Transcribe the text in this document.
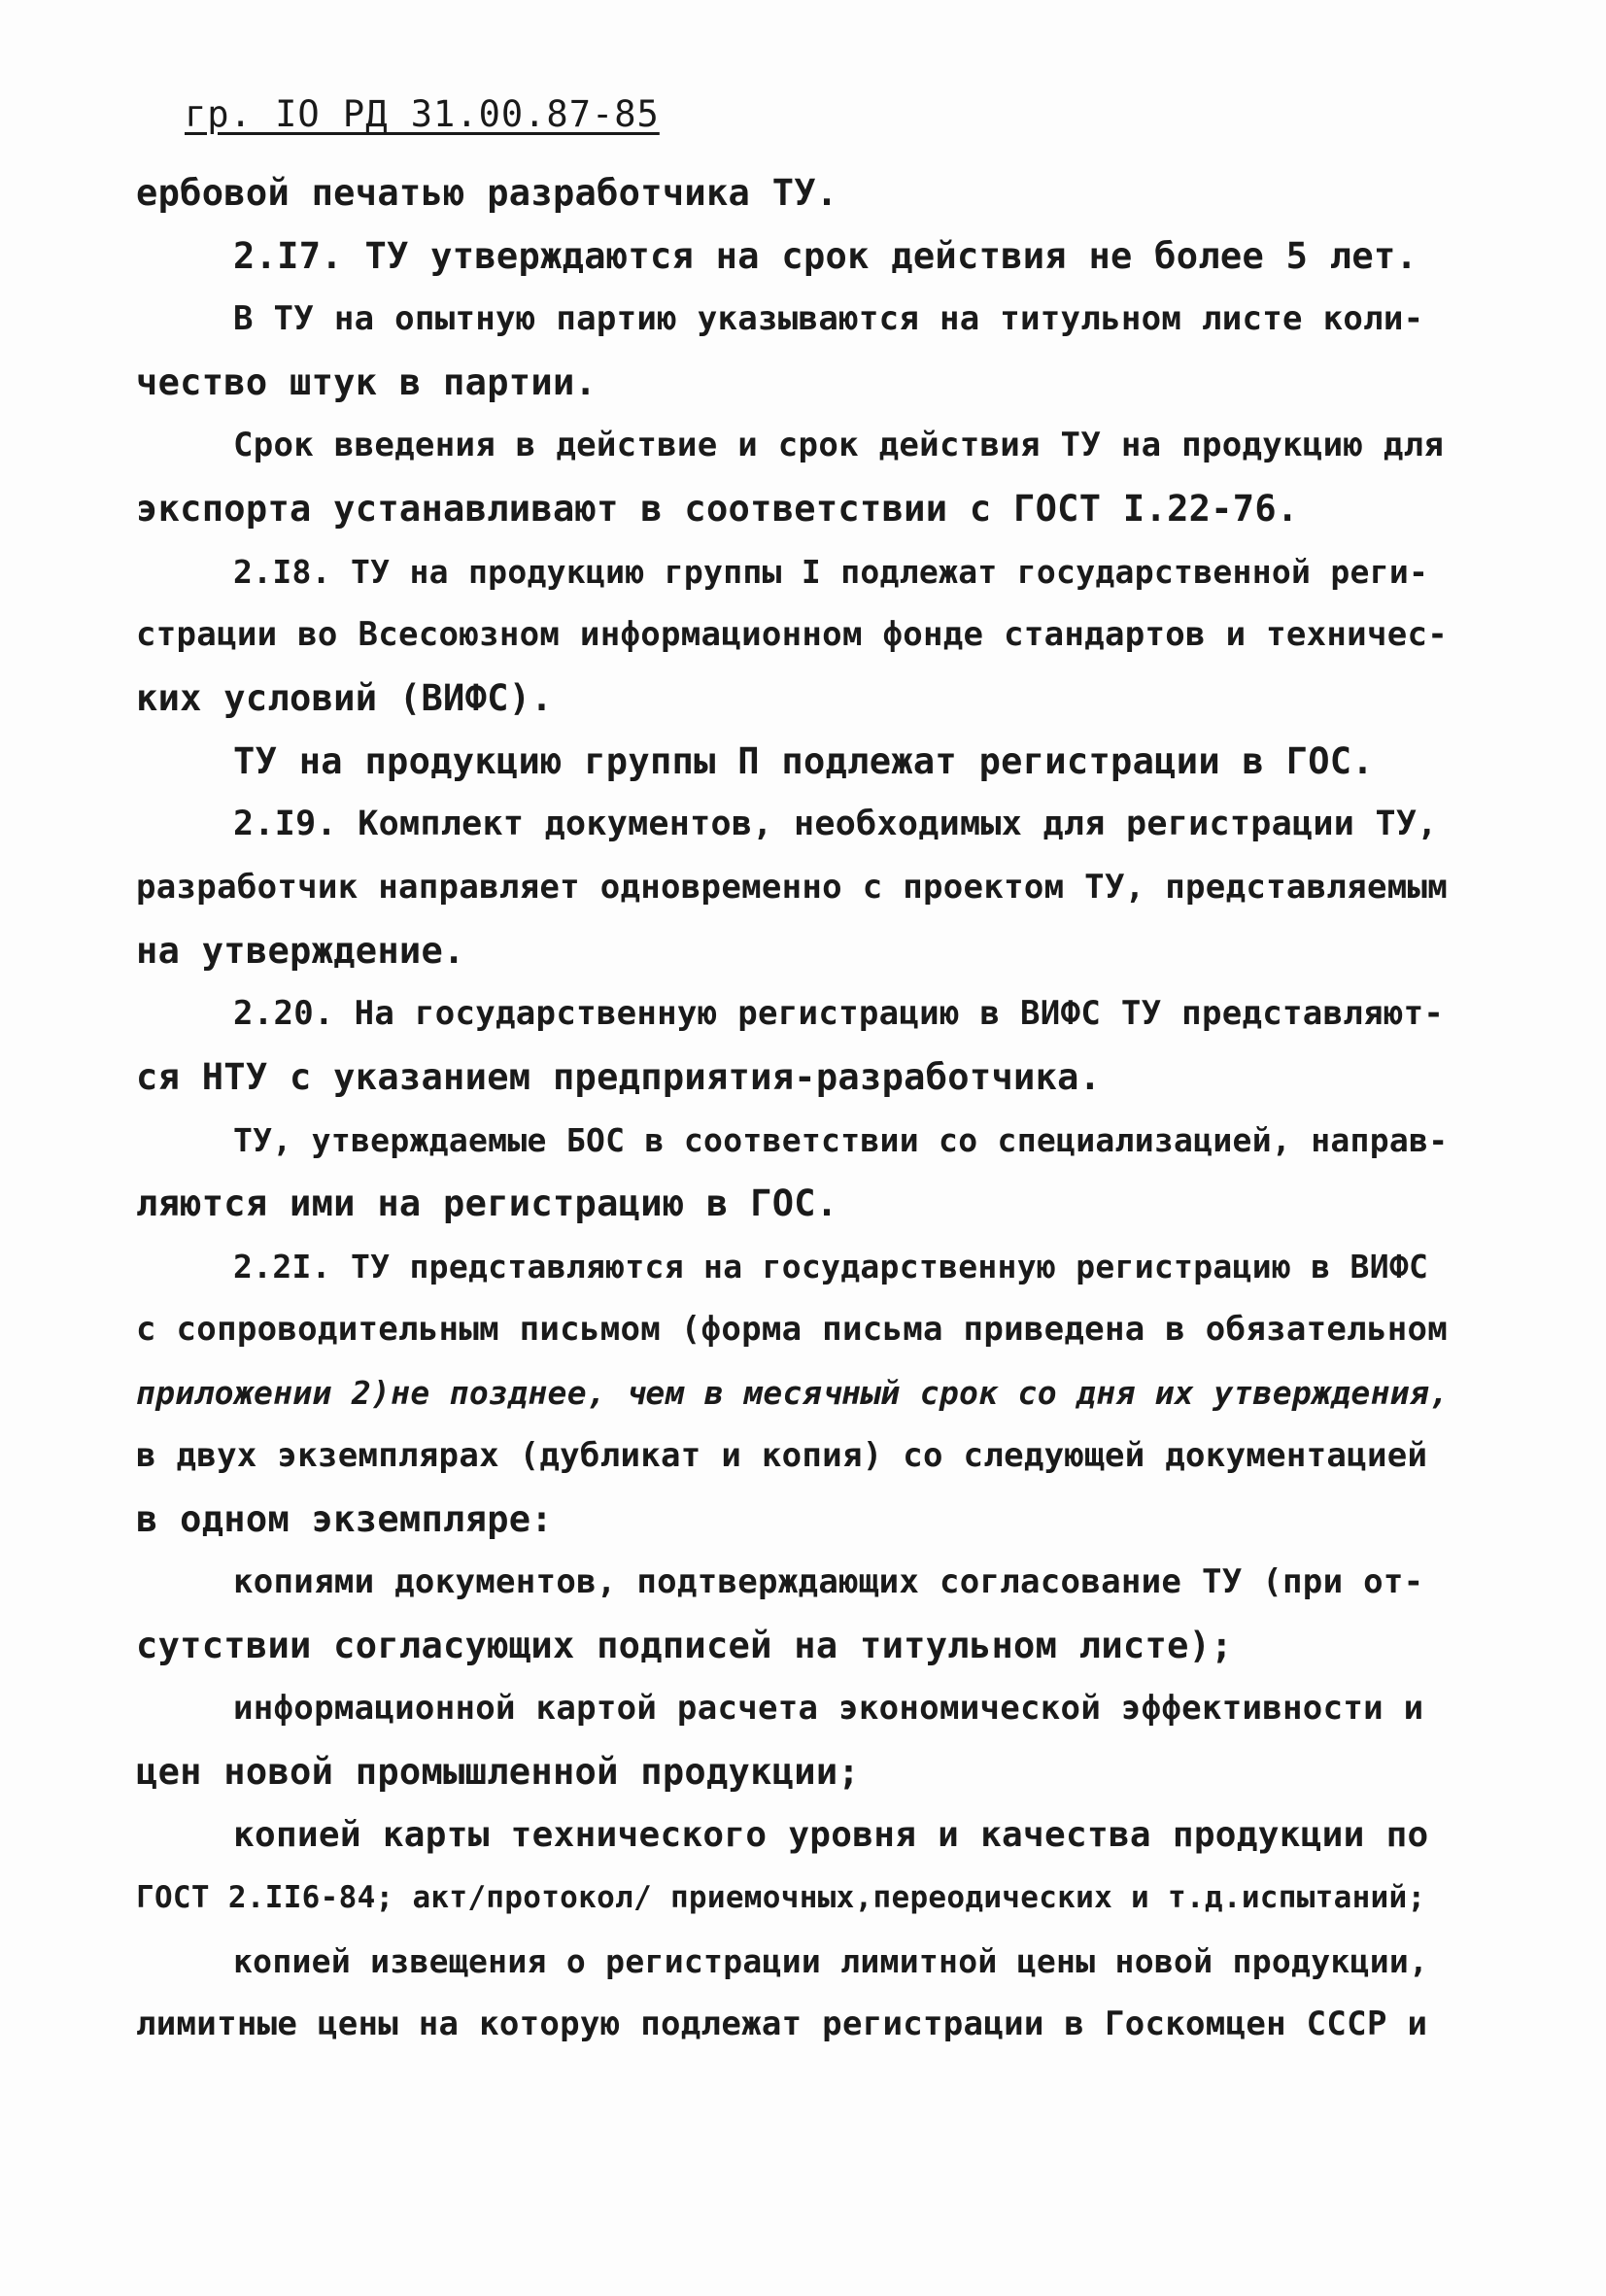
гр. IO РД 31.00.87-85
ербовой печатью разработчика ТУ.
2.I7. ТУ утверждаются на срок действия не более 5 лет.
В ТУ на опытную партию указываются на титульном листе коли-
чество штук в партии.
Срок введения в действие и срок действия ТУ на продукцию для
экспорта устанавливают в соответствии с ГОСТ I.22-76.
2.I8. ТУ на продукцию группы I подлежат государственной реги-
страции во Всесоюзном информационном фонде стандартов и техничес-
ких условий (ВИФС).
ТУ на продукцию группы П подлежат регистрации в ГОС.
2.I9. Комплект документов, необходимых для регистрации ТУ,
разработчик направляет одновременно с проектом ТУ, представляемым
на утверждение.
2.20. На государственную регистрацию в ВИФС ТУ представляют-
ся НТУ с указанием предприятия-разработчика.
ТУ, утверждаемые БОС в соответствии со специализацией, направ-
ляются ими на регистрацию в ГОС.
2.2I. ТУ представляются на государственную регистрацию в ВИФС
с сопроводительным письмом (форма письма приведена в обязательном
приложении 2)не позднее, чем в месячный срок со дня их утверждения,
в двух экземплярах (дубликат и копия) со следующей документацией
в одном экземпляре:
копиями документов, подтверждающих согласование ТУ (при от-
сутствии согласующих подписей на титульном листе);
информационной картой расчета экономической эффективности и
цен новой промышленной продукции;
копией карты технического уровня и качества продукции по
ГОСТ 2.II6-84; акт/протокол/ приемочных,переодических и т.д.испытаний;
копией извещения о регистрации лимитной цены новой продукции,
лимитные цены на которую подлежат регистрации в Госкомцен СССР и
